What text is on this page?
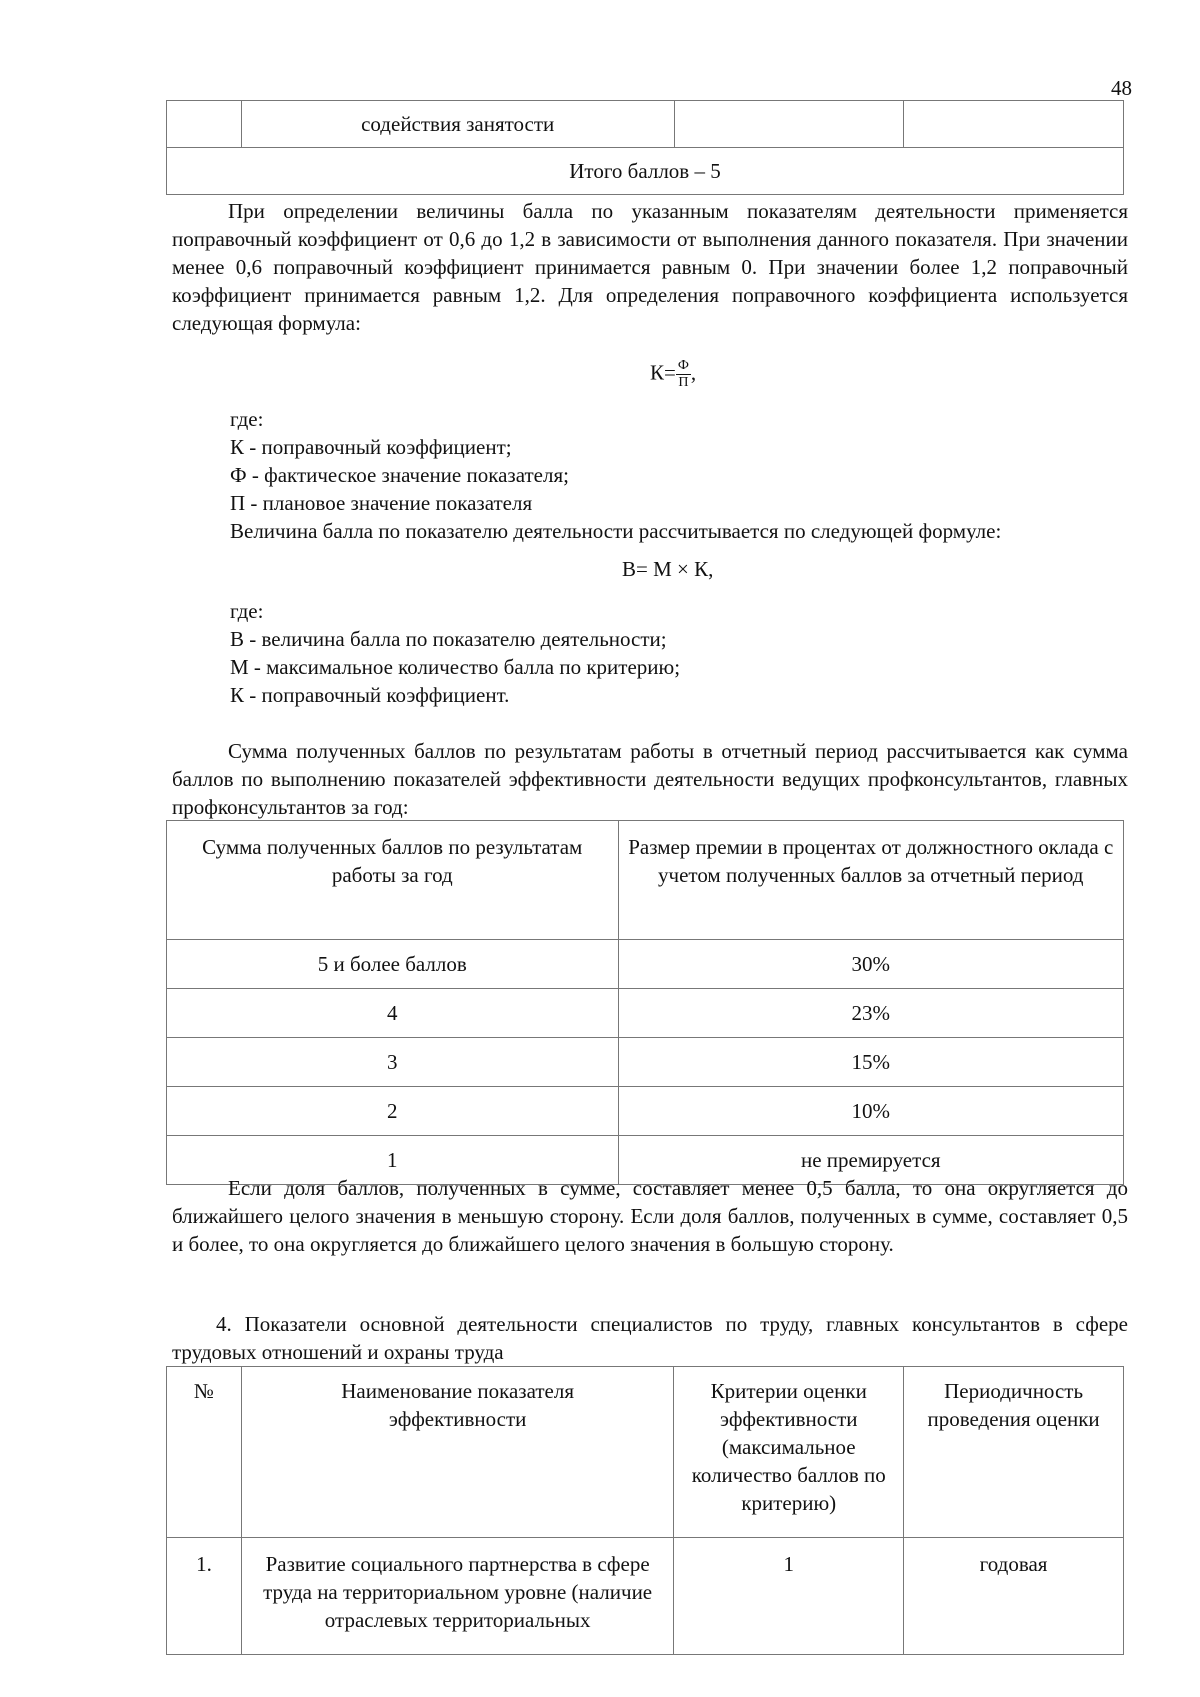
48
	содействия занятости		
Итого баллов – 5

При определении величины балла по указанным показателям деятельности применяется поправочный коэффициент от 0,6 до 1,2 в зависимости от выполнения данного показателя. При значении менее 0,6 поправочный коэффициент принимается равным 0. При значении более 1,2 поправочный коэффициент принимается равным 1,2. Для определения поправочного коэффициента используется следующая формула:

$К= \frac{Ф}{П}$ ,

где:

К - поправочный коэффициент;

Ф - фактическое значение показателя;

П - плановое значение показателя

Величина балла по показателю деятельности рассчитывается по следующей формуле:

В= М × К,

где:

В - величина балла по показателю деятельности;

М - максимальное количество балла по критерию;

К - поправочный коэффициент.

Сумма полученных баллов по результатам работы в отчетный период рассчитывается как сумма баллов по выполнению показателей эффективности деятельности ведущих профконсультантов, главных профконсультантов за год:

Сумма полученных баллов по результатам работы за год	Размер премии в процентах от должностного оклада с учетом полученных баллов за отчетный период
5 и более баллов	30%
4	23%
3	15%
2	10%
1	не премируется

Если доля баллов, полученных в сумме, составляет менее 0,5 балла, то она округляется до ближайшего целого значения в меньшую сторону. Если доля баллов, полученных в сумме, составляет 0,5 и более, то она округляется до ближайшего целого значения в большую сторону.

4. Показатели основной деятельности специалистов по труду, главных консультантов в сфере трудовых отношений и охраны труда

№	Наименование показателя эффективности	Критерии оценки эффективности (максимальное количество баллов по критерию)	Периодичность проведения оценки
1.	Развитие социального партнерства в сфере труда на территориальном уровне (наличие отраслевых территориальных	1	годовая
